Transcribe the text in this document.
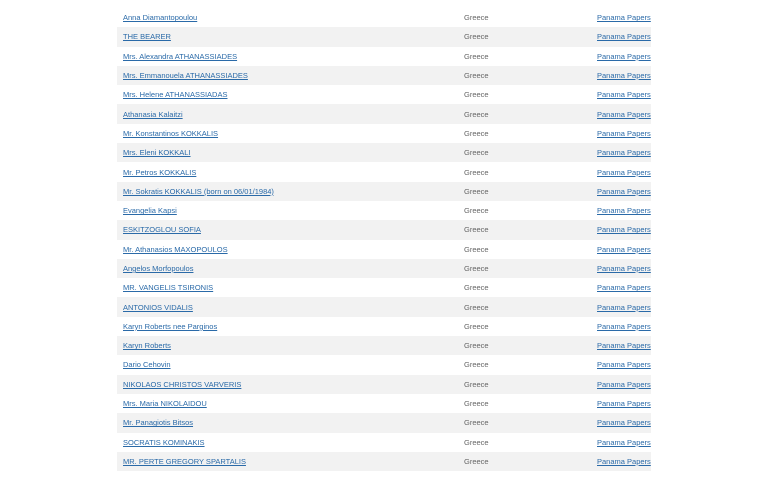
Anna Diamantopoulou	Greece	Panama Papers
THE BEARER	Greece	Panama Papers
Mrs. Alexandra ATHANASSIADES	Greece	Panama Papers
Mrs. Emmanouela ATHANASSIADES	Greece	Panama Papers
Mrs. Helene ATHANASSIADAS	Greece	Panama Papers
Athanasia Kalaitzi	Greece	Panama Papers
Mr. Konstantinos KOKKALIS	Greece	Panama Papers
Mrs. Eleni KOKKALI	Greece	Panama Papers
Mr. Petros KOKKALIS	Greece	Panama Papers
Mr. Sokratis KOKKALIS (born on 06/01/1984)	Greece	Panama Papers
Evangelia Kapsi	Greece	Panama Papers
ESKITZOGLOU SOFIA	Greece	Panama Papers
Mr. Athanasios MAXOPOULOS	Greece	Panama Papers
Angelos Morfopoulos	Greece	Panama Papers
MR. VANGELIS TSIRONIS	Greece	Panama Papers
ANTONIOS VIDALIS	Greece	Panama Papers
Karyn Roberts nee Parginos	Greece	Panama Papers
Karyn Roberts	Greece	Panama Papers
Dario Cehovin	Greece	Panama Papers
NIKOLAOS CHRISTOS VARVERIS	Greece	Panama Papers
Mrs. Maria NIKOLAIDOU	Greece	Panama Papers
Mr. Panagiotis Bitsos	Greece	Panama Papers
SOCRATIS KOMINAKIS	Greece	Panama Papers
MR. PERTE GREGORY SPARTALIS	Greece	Panama Papers
